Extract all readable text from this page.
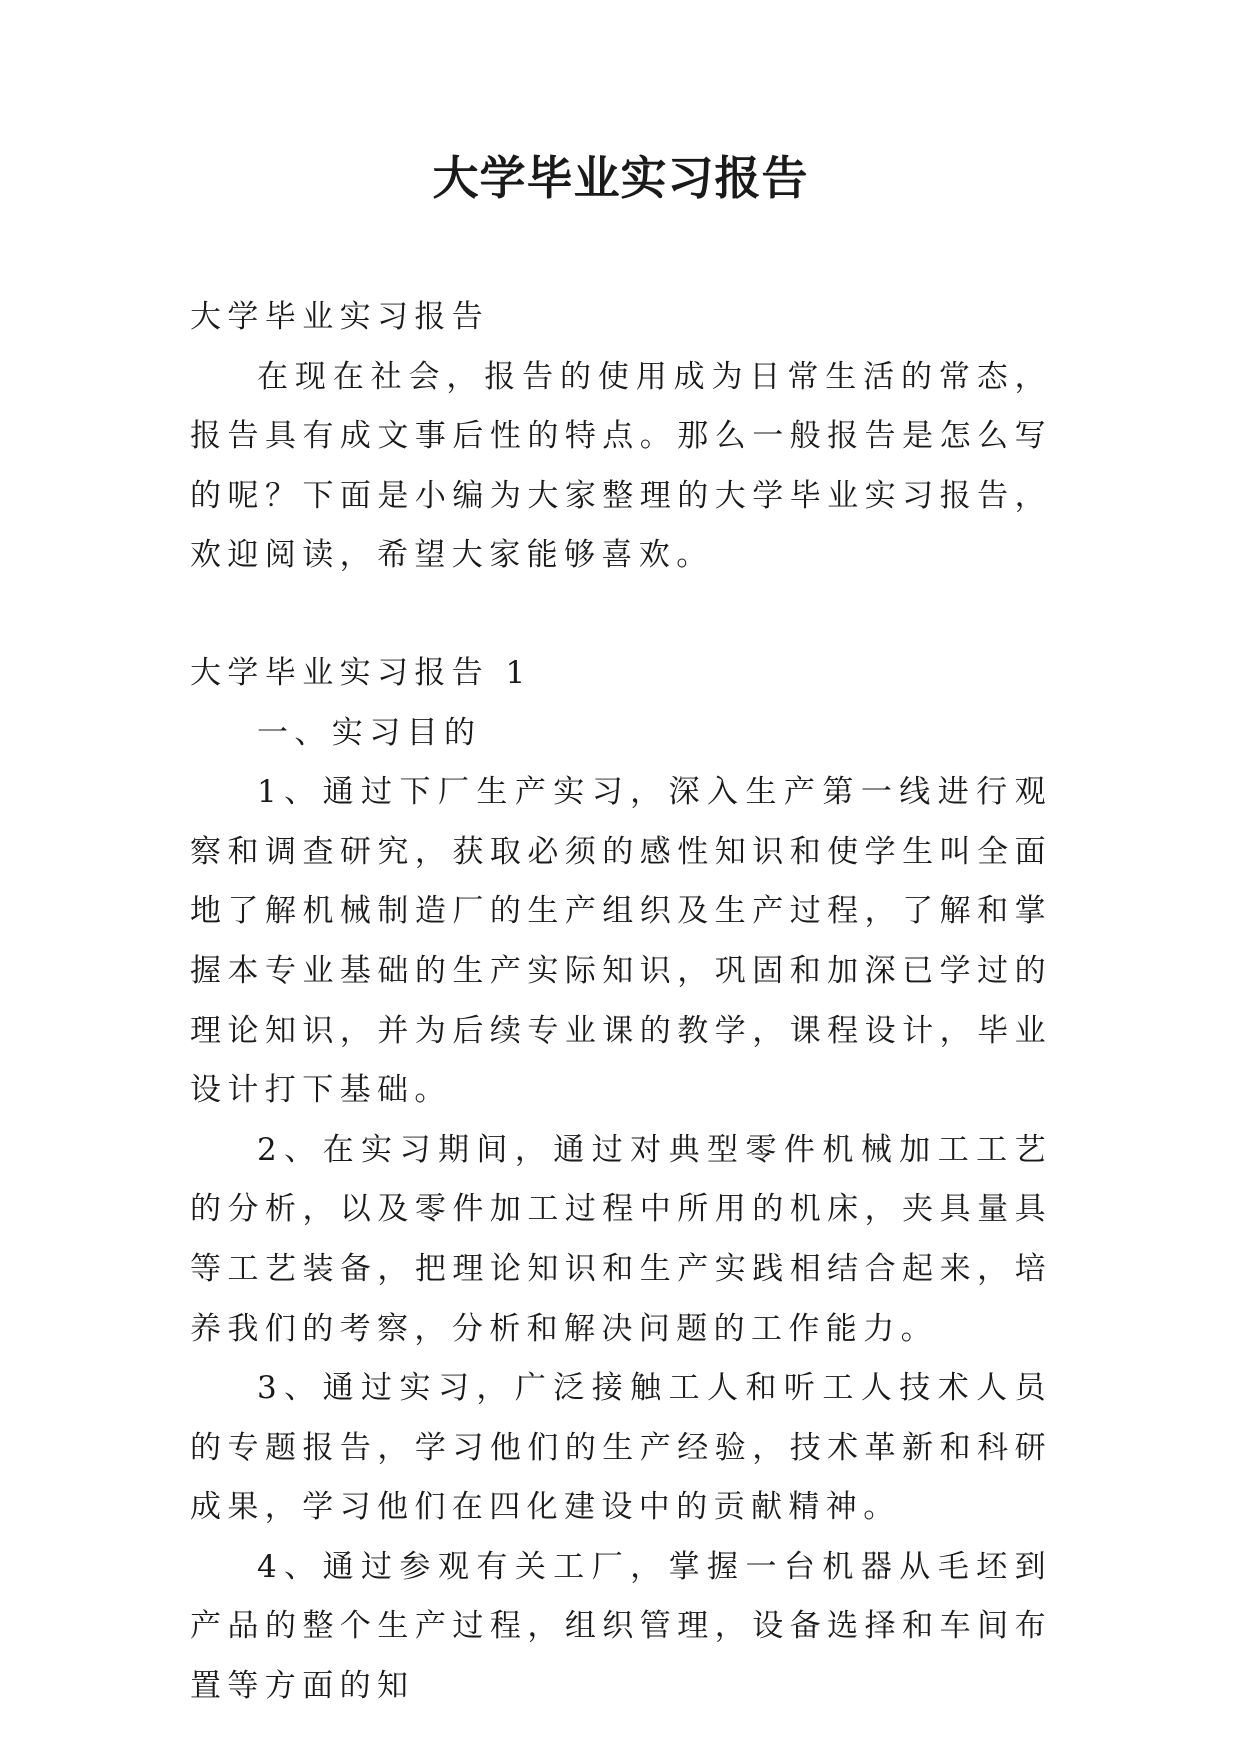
大学毕业实习报告

大学毕业实习报告

在现在社会，报告的使用成为日常生活的常态，报告具有成文事后性的特点。那么一般报告是怎么写的呢？下面是小编为大家整理的大学毕业实习报告，欢迎阅读，希望大家能够喜欢。

大学毕业实习报告 1

一、实习目的

1、通过下厂生产实习，深入生产第一线进行观察和调查研究，获取必须的感性知识和使学生叫全面地了解机械制造厂的生产组织及生产过程，了解和掌握本专业基础的生产实际知识，巩固和加深已学过的理论知识，并为后续专业课的教学，课程设计，毕业设计打下基础。

2、在实习期间，通过对典型零件机械加工工艺的分析，以及零件加工过程中所用的机床，夹具量具等工艺装备，把理论知识和生产实践相结合起来，培养我们的考察，分析和解决问题的工作能力。

3、通过实习，广泛接触工人和听工人技术人员的专题报告，学习他们的生产经验，技术革新和科研成果，学习他们在四化建设中的贡献精神。

4、通过参观有关工厂，掌握一台机器从毛坯到产品的整个生产过程，组织管理，设备选择和车间布置等方面的知
